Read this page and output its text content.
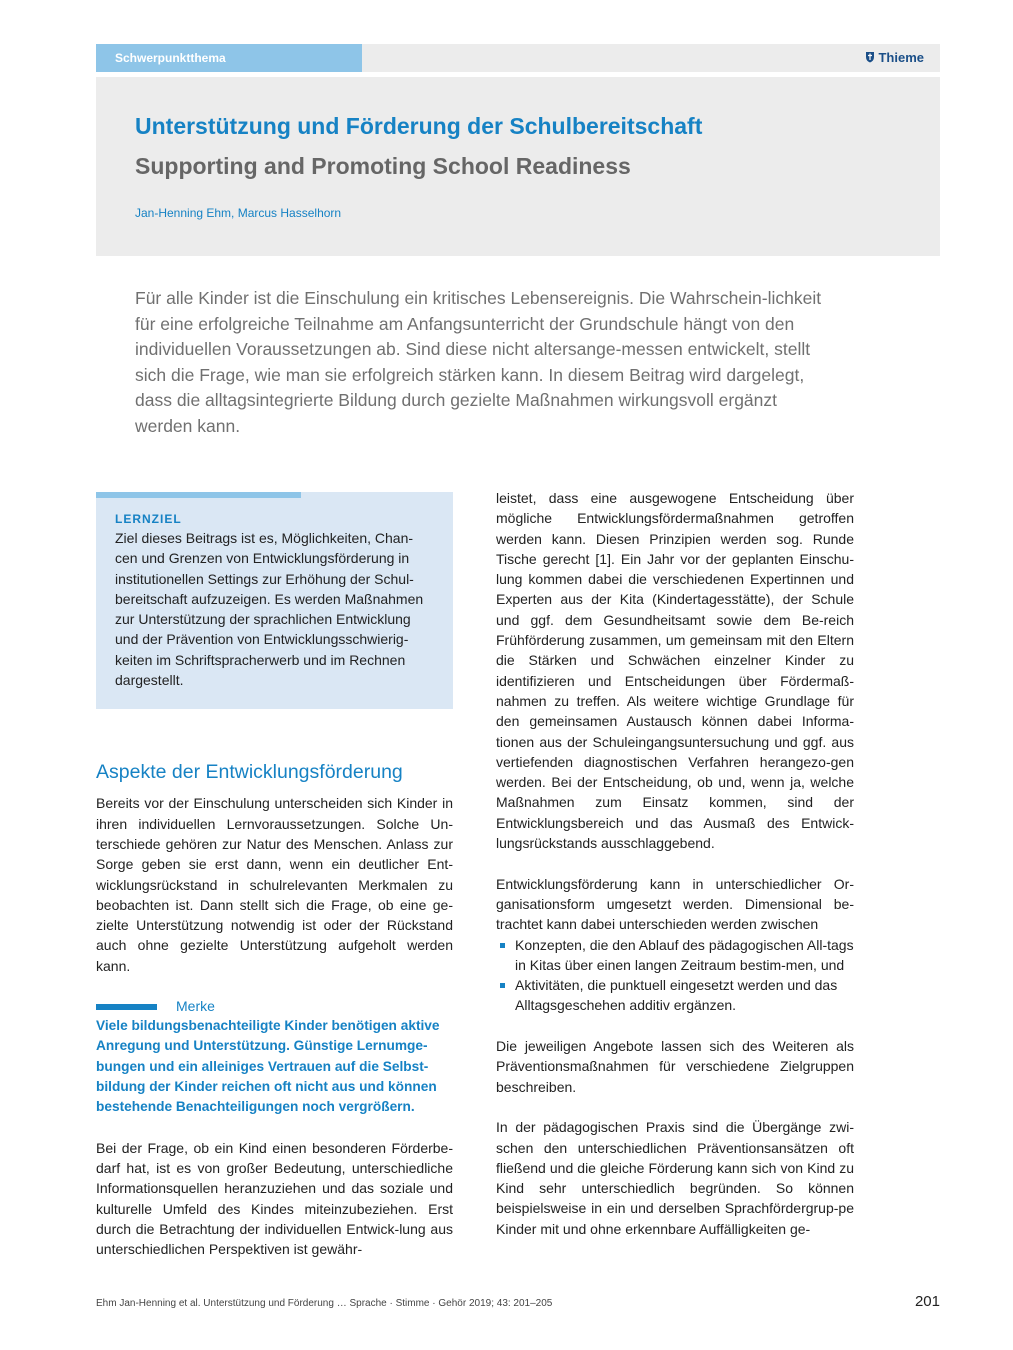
Schwerpunktthema	Thieme
Unterstützung und Förderung der Schulbereitschaft
Supporting and Promoting School Readiness
Jan-Henning Ehm, Marcus Hasselhorn

Für alle Kinder ist die Einschulung ein kritisches Lebensereignis. Die Wahrschein-lichkeit für eine erfolgreiche Teilnahme am Anfangsunterricht der Grundschule hängt von den individuellen Voraussetzungen ab. Sind diese nicht altersange-messen entwickelt, stellt sich die Frage, wie man sie erfolgreich stärken kann. In diesem Beitrag wird dargelegt, dass die alltagsintegrierte Bildung durch gezielte Maßnahmen wirkungsvoll ergänzt werden kann.

LERNZIEL

Ziel dieses Beitrags ist es, Möglichkeiten, Chan-cen und Grenzen von Entwicklungsförderung in institutionellen Settings zur Erhöhung der Schul-bereitschaft aufzuzeigen. Es werden Maßnahmen zur Unterstützung der sprachlichen Entwicklung und der Prävention von Entwicklungsschwierig-keiten im Schriftspracherwerb und im Rechnen dargestellt.

Aspekte der Entwicklungsförderung

Bereits vor der Einschulung unterscheiden sich Kinder in ihren individuellen Lernvoraussetzungen. Solche Un-terschiede gehören zur Natur des Menschen. Anlass zur Sorge geben sie erst dann, wenn ein deutlicher Ent-wicklungsrückstand in schulrelevanten Merkmalen zu beobachten ist. Dann stellt sich die Frage, ob eine ge-zielte Unterstützung notwendig ist oder der Rückstand auch ohne gezielte Unterstützung aufgeholt werden kann.

Merke

Viele bildungsbenachteiligte Kinder benötigen aktive Anregung und Unterstützung. Günstige Lernumge-bungen und ein alleiniges Vertrauen auf die Selbst-bildung der Kinder reichen oft nicht aus und können bestehende Benachteiligungen noch vergrößern.

Bei der Frage, ob ein Kind einen besonderen Förderbe-darf hat, ist es von großer Bedeutung, unterschiedliche Informationsquellen heranzuziehen und das soziale und kulturelle Umfeld des Kindes miteinzubeziehen. Erst durch die Betrachtung der individuellen Entwick-lung aus unterschiedlichen Perspektiven ist gewähr-

leistet, dass eine ausgewogene Entscheidung über mögliche Entwicklungsfördermaßnahmen getroffen werden kann. Diesen Prinzipien werden sog. Runde Tische gerecht [1]. Ein Jahr vor der geplanten Einschu-lung kommen dabei die verschiedenen Expertinnen und Experten aus der Kita (Kindertagesstätte), der Schule und ggf. dem Gesundheitsamt sowie dem Be-reich Frühförderung zusammen, um gemeinsam mit den Eltern die Stärken und Schwächen einzelner Kinder zu identifizieren und Entscheidungen über Fördermaß-nahmen zu treffen. Als weitere wichtige Grundlage für den gemeinsamen Austausch können dabei Informa-tionen aus der Schuleingangsuntersuchung und ggf. aus vertiefenden diagnostischen Verfahren herangezo-gen werden. Bei der Entscheidung, ob und, wenn ja, welche Maßnahmen zum Einsatz kommen, sind der Entwicklungsbereich und das Ausmaß des Entwick-lungsrückstands ausschlaggebend.

Entwicklungsförderung kann in unterschiedlicher Or-ganisationsform umgesetzt werden. Dimensional be-trachtet kann dabei unterschieden werden zwischen

Konzepten, die den Ablauf des pädagogischen All-tags in Kitas über einen langen Zeitraum bestim-men, und
Aktivitäten, die punktuell eingesetzt werden und das Alltagsgeschehen additiv ergänzen.

Die jeweiligen Angebote lassen sich des Weiteren als Präventionsmaßnahmen für verschiedene Zielgruppen beschreiben.

In der pädagogischen Praxis sind die Übergänge zwi-schen den unterschiedlichen Präventionsansätzen oft fließend und die gleiche Förderung kann sich von Kind zu Kind sehr unterschiedlich begründen. So können beispielsweise in ein und derselben Sprachfördergrup-pe Kinder mit und ohne erkennbare Auffälligkeiten ge-

Ehm Jan-Henning et al. Unterstützung und Förderung … Sprache · Stimme · Gehör 2019; 43: 201–205	201
